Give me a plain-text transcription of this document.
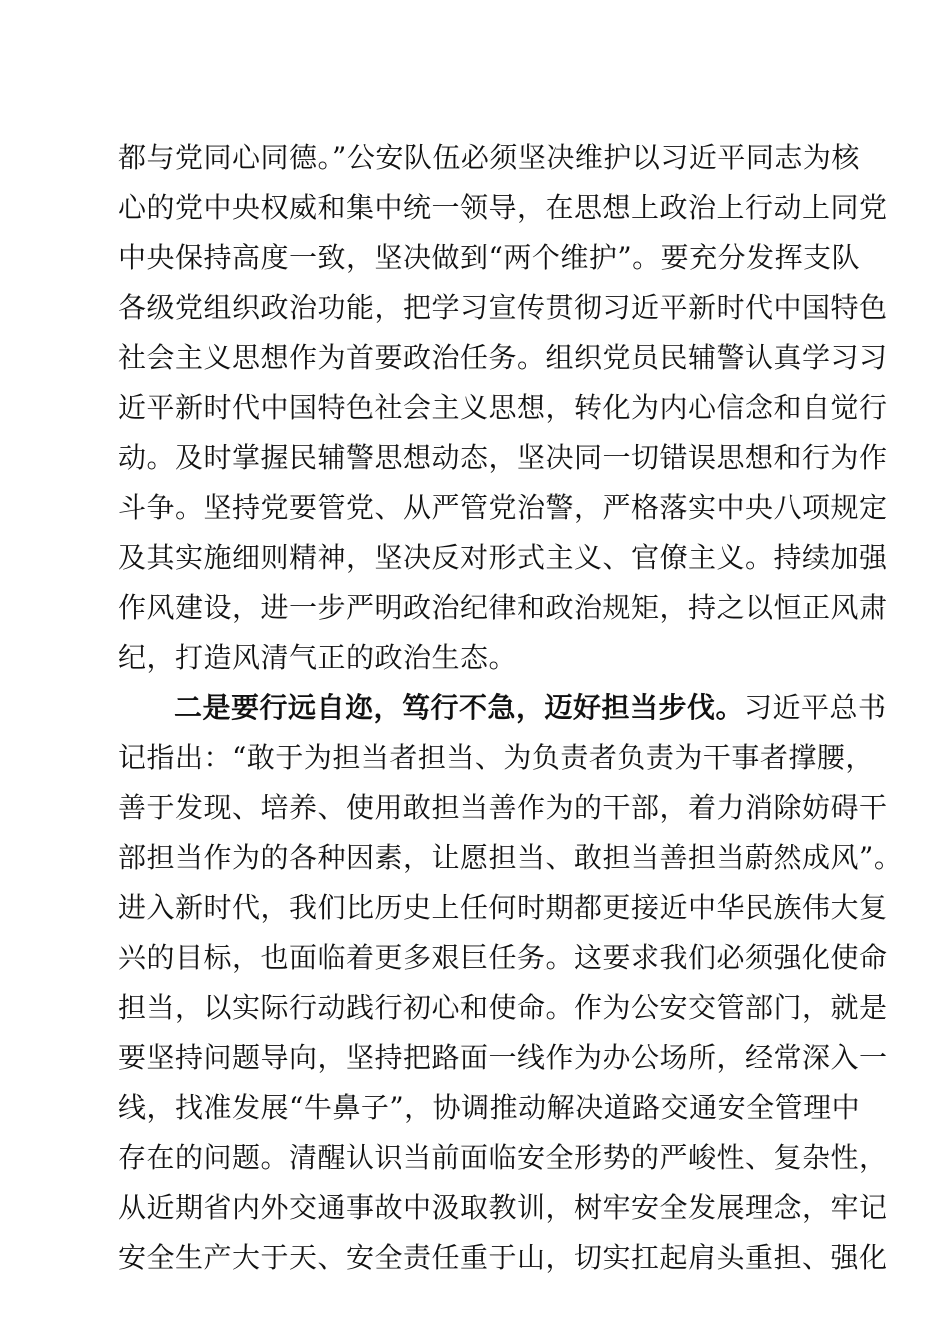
都与党同心同德。”公安队伍必须坚决维护以习近平同志为核
心的党中央权威和集中统一领导，在思想上政治上行动上同党
中央保持高度一致，坚决做到“两个维护”。要充分发挥支队
各级党组织政治功能，把学习宣传贯彻习近平新时代中国特色
社会主义思想作为首要政治任务。组织党员民辅警认真学习习
近平新时代中国特色社会主义思想，转化为内心信念和自觉行
动。及时掌握民辅警思想动态，坚决同一切错误思想和行为作
斗争。坚持党要管党、从严管党治警，严格落实中央八项规定
及其实施细则精神，坚决反对形式主义、官僚主义。持续加强
作风建设，进一步严明政治纪律和政治规矩，持之以恒正风肃
纪，打造风清气正的政治生态。
二是要行远自迩，笃行不急，迈好担当步伐。习近平总书
记指出：“敢于为担当者担当、为负责者负责为干事者撑腰，
善于发现、培养、使用敢担当善作为的干部，着力消除妨碍干
部担当作为的各种因素，让愿担当、敢担当善担当蔚然成风”。
进入新时代，我们比历史上任何时期都更接近中华民族伟大复
兴的目标，也面临着更多艰巨任务。这要求我们必须强化使命
担当，以实际行动践行初心和使命。作为公安交管部门，就是
要坚持问题导向，坚持把路面一线作为办公场所，经常深入一
线，找准发展“牛鼻子”，协调推动解决道路交通安全管理中
存在的问题。清醒认识当前面临安全形势的严峻性、复杂性，
从近期省内外交通事故中汲取教训，树牢安全发展理念，牢记
安全生产大于天、安全责任重于山，切实扛起肩头重担、强化
